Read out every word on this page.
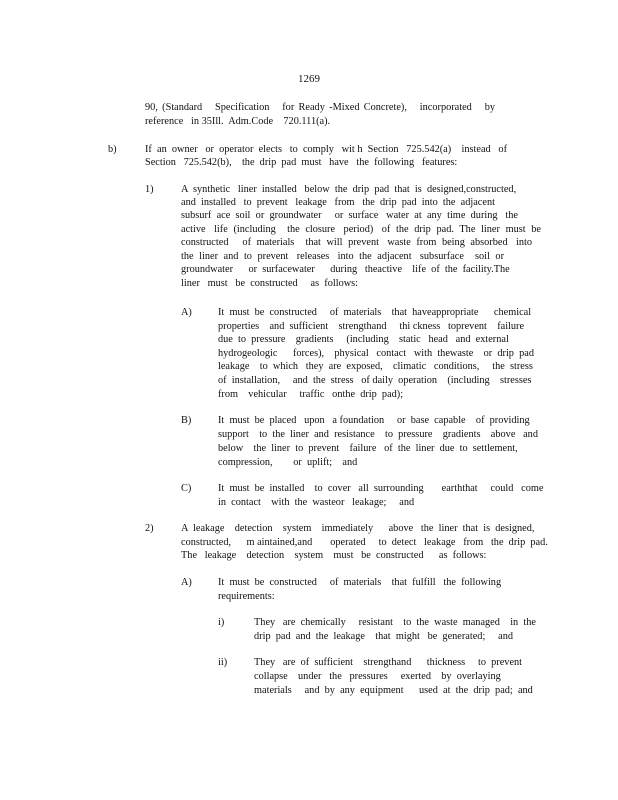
1269
90, (Standard   Specification   for Ready -Mixed Concrete),   incorporated   by
reference   in 35Ill.  Adm.Code    720.111(a).
b)	If  an  owner   or  operator  elects   to  comply   wit h  Section   725.542(a)    instead   of
Section   725.542(b),    the  drip  pad  must   have   the  following   features:
1)	A  synthetic   liner  installed   below  the  drip  pad  that  is  designed,constructed,
and  installed   to  prevent   leakage   from   the  drip  pad  into  the  adjacent
subsurf  ace  soil  or  groundwater     or  surface   water  at  any  time  during   the
active   life  (including    the  closure   period)   of  the  drip  pad.  The  liner  must  be
constructed     of  materials    that  will  prevent   waste  from  being  absorbed   into
the  liner  and  to  prevent   releases   into  the  adjacent   subsurface    soil  or
groundwater      or  surfacewater      during   theactive    life  of  the  facility.The
liner   must   be  constructed     as  follows:
A)	It  must  be  constructed     of  materials    that  haveappropriate      chemical
properties    and  sufficient    strengthand     thi ckness   toprevent    failure
due  to  pressure    gradients     (including    static   head   and  external
hydrogeologic      forces),    physical   contact   with  thewaste    or  drip  pad
leakage    to  which   they  are  exposed,    climatic   conditions,     the  stress
of  installation,     and  the  stress   of daily  operation    (including    stresses
from    vehicular     traffic   onthe  drip  pad);
B)	It  must  be  placed   upon   a foundation     or  base  capable    of  providing
support    to  the  liner  and  resistance    to  pressure    gradients    above   and
below    the  liner  to  prevent    failure   of  the  liner  due  to  settlement,
compression,        or  uplift;    and
C)	It  must  be  installed    to  cover   all  surrounding       earththat     could   come
in  contact    with  the  wasteor   leakage;     and
2)	A  leakage    detection    system    immediately      above   the  liner  that  is  designed,
constructed,      m aintained,and       operated     to  detect   leakage   from   the  drip  pad.
The   leakage    detection    system    must   be  constructed      as  follows:
A)	It  must  be  constructed     of  materials    that  fulfill   the  following
requirements:
i)	They   are  chemically     resistant    to  the  waste  managed    in  the
drip  pad  and  the  leakage    that  might   be  generated;     and
ii)	They   are  of  sufficient    strengthand      thickness     to  prevent
collapse    under   the   pressures     exerted    by  overlaying
materials     and  by  any  equipment      used  at  the  drip  pad;  and
